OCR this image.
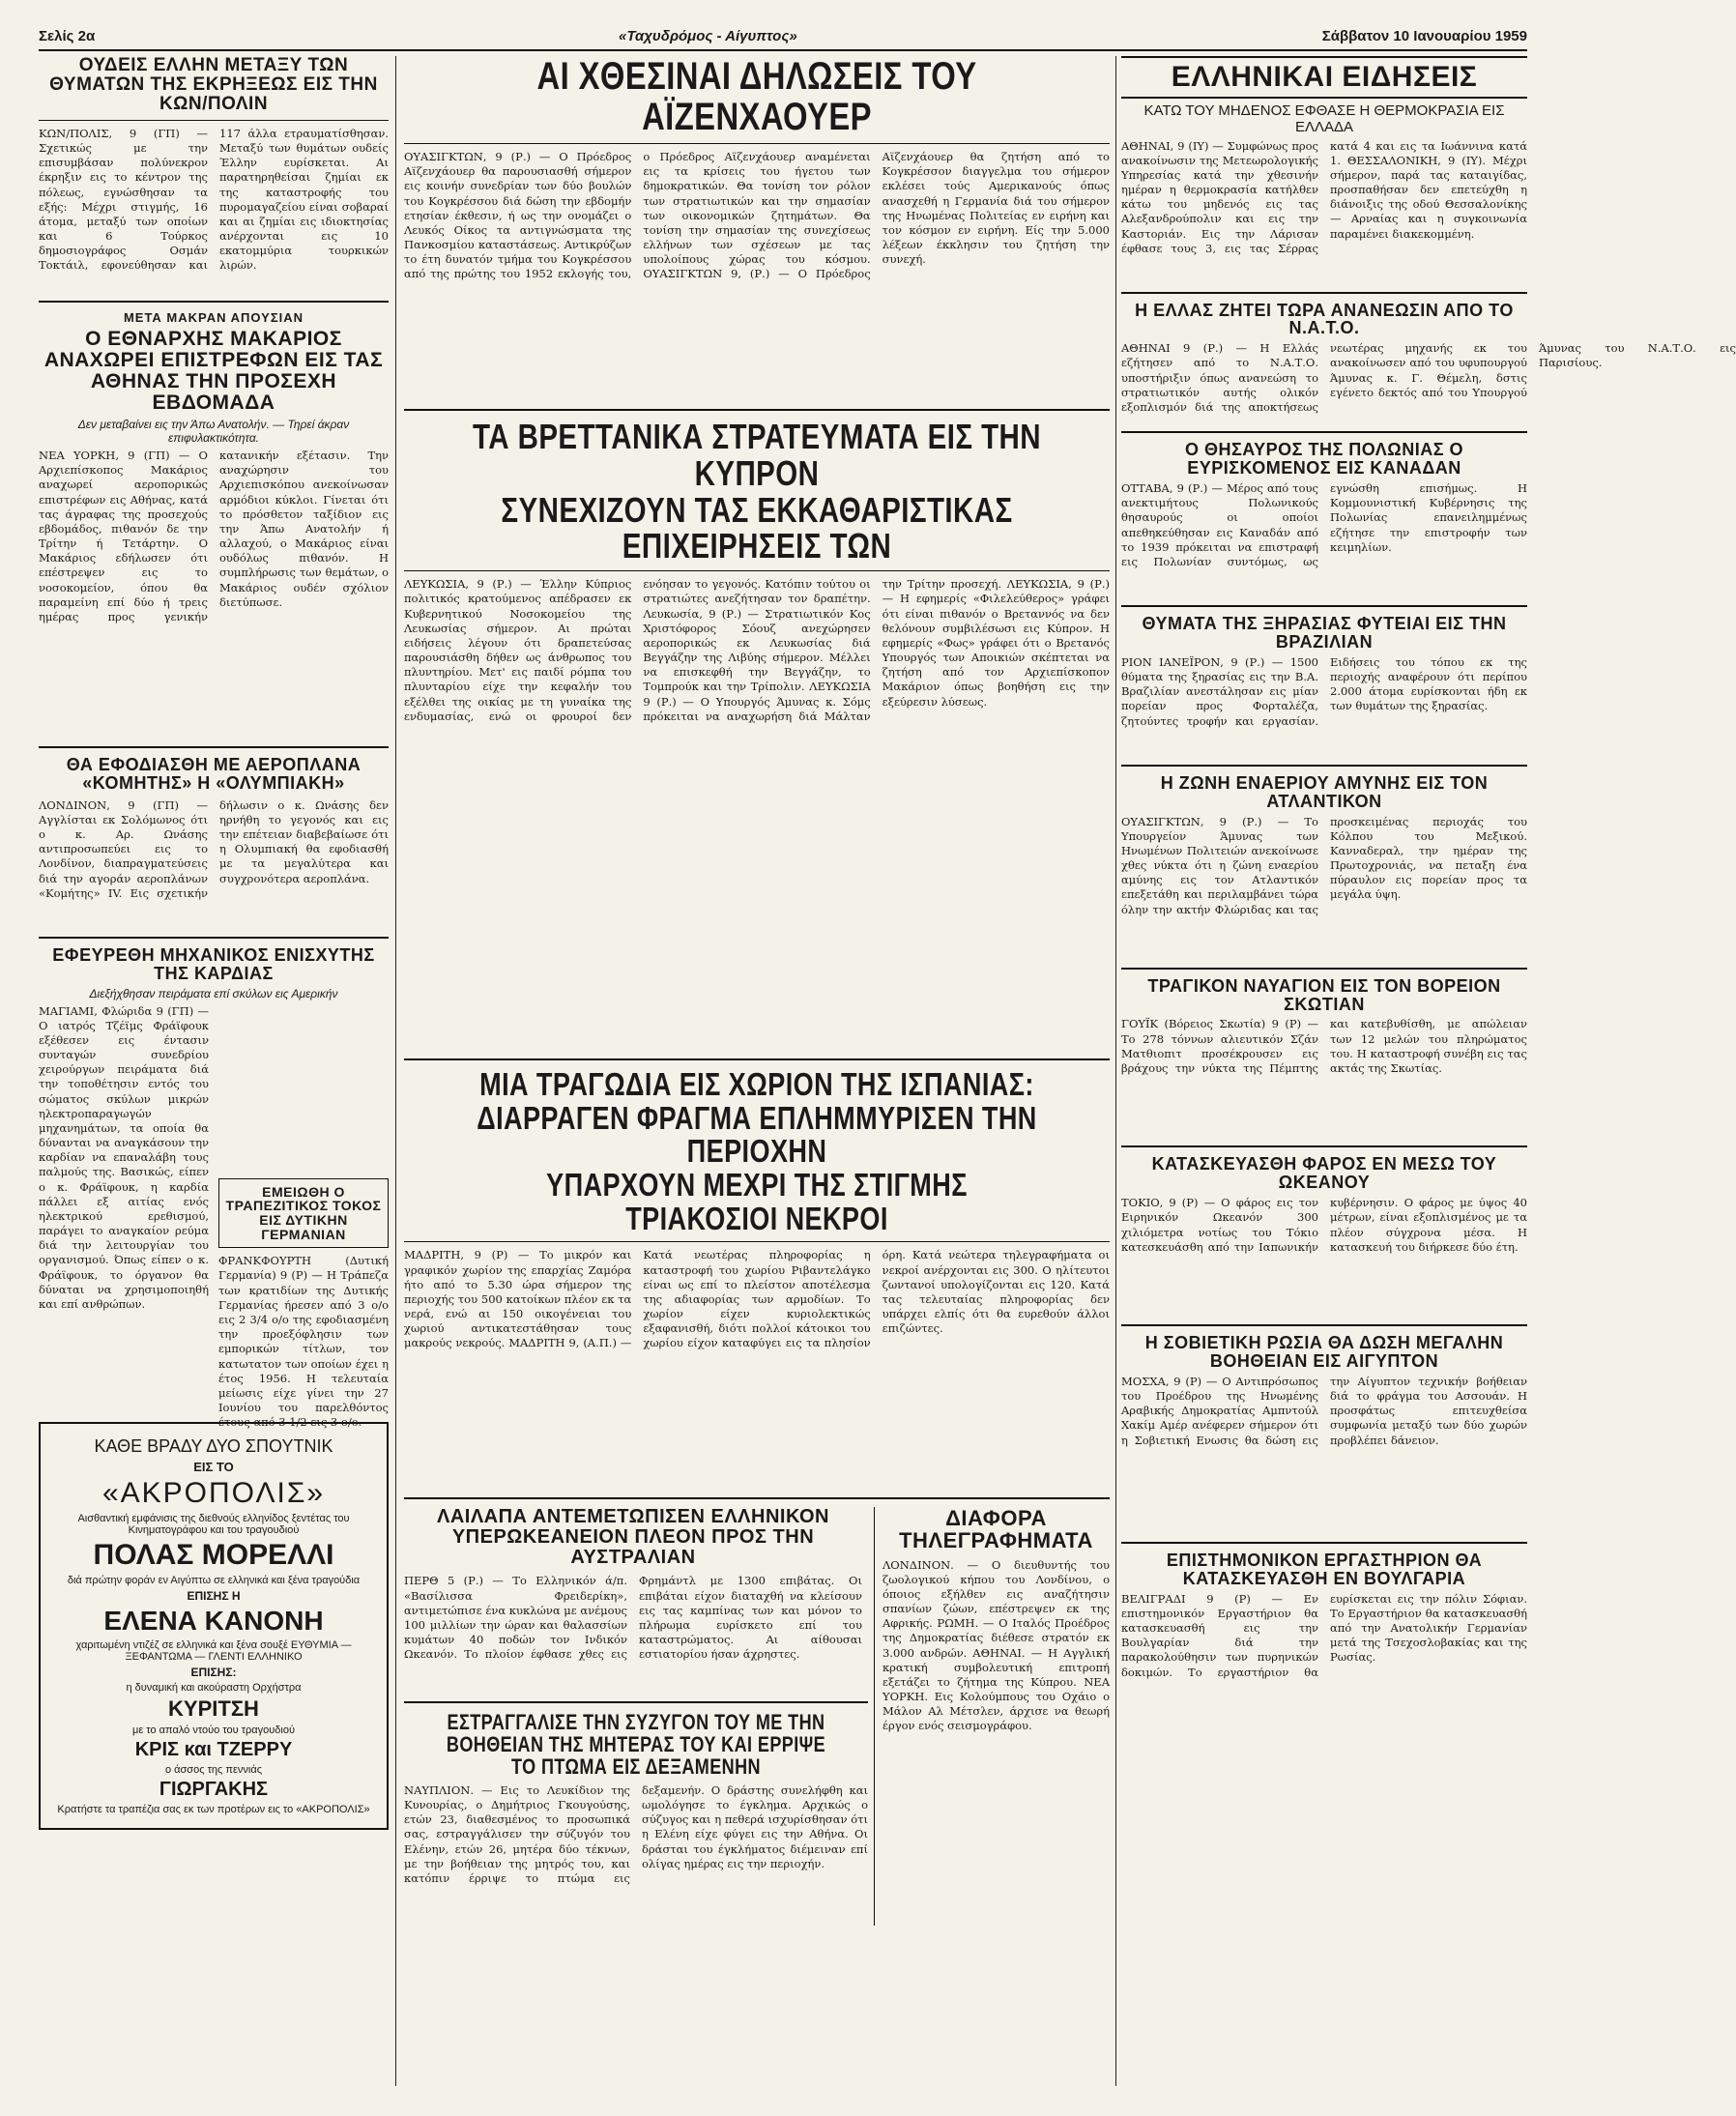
Σελίς 2α	«Ταχυδρόμος - Αίγυπτος»	Σάββατον 10 Ιανουαρίου 1959
ΟΥΔΕΙΣ ΕΛΛΗΝ ΜΕΤΑΞΥ ΤΩΝ ΘΥΜΑΤΩΝ ΤΗΣ ΕΚΡΗΞΕΩΣ ΕΙΣ ΤΗΝ ΚΩΝ/ΠΟΛΙΝ

ΚΩΝ/ΠΟΛΙΣ, 9 (ΓΠ) — Σχετικώς με την επισυμβάσαν πολύνεκρον έκρηξιν εις το κέντρον της πόλεως, εγνώσθησαν τα εξής: Μέχρι στιγμής, 16 άτομα, μεταξύ των οποίων και 6 Τούρκος δημοσιογράφος Οσμάν Τοκτάιλ, εφονεύθησαν και 117 άλλα ετραυματίσθησαν. Μεταξύ των θυμάτων ουδείς Έλλην ευρίσκεται. Αι παρατηρηθείσαι ζημίαι εκ της καταστροφής του πυρομαγαζείου είναι σοβαραί και αι ζημίαι εις ιδιοκτησίας ανέρχονται εις 10 εκατομμύρια τουρκικών λιρών.

ΜΕΤΑ ΜΑΚΡΑΝ ΑΠΟΥΣΙΑΝ

Ο ΕΘΝΑΡΧΗΣ ΜΑΚΑΡΙΟΣ ΑΝΑΧΩΡΕΙ ΕΠΙΣΤΡΕΦΩΝ ΕΙΣ ΤΑΣ ΑΘΗΝΑΣ ΤΗΝ ΠΡΟΣΕΧΗ ΕΒΔΟΜΑΔΑ

Δεν μεταβαίνει εις την Άπω Ανατολήν. — Τηρεί άκραν επιφυλακτικότητα.

ΝΕΑ ΥΟΡΚΗ, 9 (ΓΠ) — Ο Αρχιεπίσκοπος Μακάριος αναχωρεί αεροπορικώς επιστρέφων εις Αθήνας, κατά τας άγραφας της προσεχούς εβδομάδος, πιθανόν δε την Τρίτην ή Τετάρτην. Ο Μακάριος εδήλωσεν ότι επέστρεψεν εις το νοσοκομείον, όπου θα παραμείνη επί δύο ή τρεις ημέρας προς γενικήν κατανικήν εξέτασιν. Την αναχώρησιν του Αρχιεπισκόπου ανεκοίνωσαν αρμόδιοι κύκλοι. Γίνεται ότι το πρόσθετον ταξίδιον εις την Άπω Ανατολήν ή αλλαχού, ο Μακάριος είναι ουδόλως πιθανόν. Η συμπλήρωσις των θεμάτων, ο Μακάριος ουδέν σχόλιον διετύπωσε.

ΘΑ ΕΦΟΔΙΑΣΘΗ ΜΕ ΑΕΡΟΠΛΑΝΑ «ΚΟΜΗΤΗΣ» Η «ΟΛΥΜΠΙΑΚΗ»

ΛΟΝΔΙΝΟΝ, 9 (ΓΠ) — Αγγλίσται εκ Σολόμωνος ότι ο κ. Αρ. Ωνάσης αντιπροσωπεύει εις το Λονδίνον, διαπραγματεύσεις διά την αγοράν αεροπλάνων «Κομήτης» IV. Εις σχετικήν δήλωσιν ο κ. Ωνάσης δεν ηρνήθη το γεγονός και εις την επέτειαν διαβεβαίωσε ότι η Ολυμπιακή θα εφοδιασθή με τα μεγαλύτερα και συγχρονότερα αεροπλάνα.

ΕΦΕΥΡΕΘΗ ΜΗΧΑΝΙΚΟΣ ΕΝΙΣΧΥΤΗΣ ΤΗΣ ΚΑΡΔΙΑΣ

Διεξήχθησαν πειράματα επί σκύλων εις Αμερικήν

ΜΑΓΙΑΜΙ, Φλώριδα 9 (ΓΠ) — Ο ιατρός Τζέϊμς Φράϊφουκ εξέθεσεν εις έντασιν συνταγών συνεδρίου χειρούργων πειράματα διά την τοποθέτησιν εντός του σώματος σκύλων μικρών ηλεκτροπαραγωγών μηχανημάτων, τα οποία θα δύνανται να αναγκάσουν την καρδίαν να επαναλάβη τους παλμούς της. Βασικώς, είπεν ο κ. Φράϊφουκ, η καρδία πάλλει εξ αιτίας ενός ηλεκτρικού ερεθισμού, παράγει το αναγκαίον ρεύμα διά την λειτουργίαν του οργανισμού. Όπως είπεν ο κ. Φράϊφουκ, το όργανον θα δύναται να χρησιμοποιηθή και επί ανθρώπων.

ΕΜΕΙΩΘΗ Ο ΤΡΑΠΕΖΙΤΙΚΟΣ ΤΟΚΟΣ ΕΙΣ ΔΥΤΙΚΗΝ ΓΕΡΜΑΝΙΑΝ

ΦΡΑΝΚΦΟΥΡΤΗ (Δυτική Γερμανία) 9 (Ρ) — Η Τράπεζα των κρατιδίων της Δυτικής Γερμανίας ήρεσεν από 3 ο/ο εις 2 3/4 ο/ο της εφοδιασμένη την προεξόφλησιν των εμπορικών τίτλων, τον κατωτατον των οποίων έχει η έτος 1956. Η τελευταία μείωσις είχε γίνει την 27 Ιουνίου του παρελθόντος έτους από 3 1/2 εις 3 ο/ο.

ΚΑΘΕ ΒΡΑΔΥ ΔΥΟ ΣΠΟΥΤΝΙΚ

ΕΙΣ ΤΟ

«ΑΚΡΟΠΟΛΙΣ»

Αισθαντική εμφάνισις της διεθνούς ελληνίδος ξεντέτας του Κινηματογράφου και του τραγουδιού

ΠΟΛΑΣ ΜΟΡΕΛΛΙ

διά πρώτην φοράν εν Αιγύπτω σε ελληνικά και ξένα τραγούδια

ΕΠΙΣΗΣ Η

ΕΛΕΝΑ ΚΑΝΟΝΗ

χαριτωμένη ντιζέζ σε ελληνικά και ξένα σουξέ ΕΥΘΥΜΙΑ — ΞΕΦΑΝΤΩΜΑ — ΓΛΕΝΤΙ ΕΛΛΗΝΙΚΟ

ΕΠΙΣΗΣ:

η δυναμική και ακούραστη Ορχήστρα

ΚΥΡΙΤΣΗ

με το απαλό ντούο του τραγουδιού

ΚΡΙΣ και ΤΖΕΡΡΥ

ο άσσος της πεννιάς

ΓΙΩΡΓΑΚΗΣ

Κρατήστε τα τραπέζια σας εκ των προτέρων εις το «ΑΚΡΟΠΟΛΙΣ»

ΑΙ ΧΘΕΣΙΝΑΙ ΔΗΛΩΣΕΙΣ ΤΟΥ ΑΪΖΕΝΧΑΟΥΕΡ

ΟΥΑΣΙΓΚΤΩΝ, 9 (Ρ.) — Ο Πρόεδρος Αϊζενχάουερ θα παρουσιασθή σήμερον εις κοινήν συνεδρίαν των δύο βουλών του Κογκρέσσου διά δώση την εβδομήν ετησίαν έκθεσιν, ή ως την ονομάζει ο Λευκός Οίκος τα αντιγνώσματα της Πανκοσμίου καταστάσεως. Αντικρύζων το έτη δυνατόν τμήμα του Κογκρέσσου από της πρώτης του 1952 εκλογής του, ο Πρόεδρος Αϊζενχάουερ αναμένεται εις τα κρίσεις του ήγετου των δημοκρατικών. Θα τονίση τον ρόλον των στρατιωτικών και την σημασίαν των οικονομικών ζητημάτων. Θα τονίση την σημασίαν της συνεχίσεως ελλήνων των σχέσεων με τας υπολοίπους χώρας του κόσμου. ΟΥΑΣΙΓΚΤΩΝ 9, (Ρ.) — Ο Πρόεδρος Αϊζενχάουερ θα ζητήση από το Κογκρέσσον διαγγελμα του σήμερον εκλέσει τούς Αμερικανούς όπως ανασχεθή η Γερμανία διά του σήμερον της Ηνωμένας Πολιτείας εν ειρήνη και τον κόσμον εν ειρήνη. Είς την 5.000 λέξεων έκκλησιν του ζητήση την συνεχή.

ΤΑ ΒΡΕΤΤΑΝΙΚΑ ΣΤΡΑΤΕΥΜΑΤΑ ΕΙΣ ΤΗΝ ΚΥΠΡΟΝ
ΣΥΝΕΧΙΖΟΥΝ ΤΑΣ ΕΚΚΑΘΑΡΙΣΤΙΚΑΣ ΕΠΙΧΕΙΡΗΣΕΙΣ ΤΩΝ

ΛΕΥΚΩΣΙΑ, 9 (Ρ.) — Έλλην Κύπριος πολιτικός κρατούμενος απέδρασεν εκ Κυβερνητικού Νοσοκομείου της Λευκωσίας σήμερον. Αι πρώται ειδήσεις λέγουν ότι δραπετεύσας παρουσιάσθη δήθεν ως άνθρωπος του πλυντηρίου. Μετ' εις παιδί ρόμπα του πλυνταρίου είχε την κεφαλήν του εξέλθει της οικίας με τη γυναίκα της ενδυμασίας, ενώ οι φρουροί δεν ενόησαν το γεγονός. Κατόπιν τούτου οι στρατιώτες ανεζήτησαν τον δραπέτην. Λευκωσία, 9 (Ρ.) — Στρατιωτικόν Κος Χριστόφορος Σόουζ ανεχώρησεν αεροπορικώς εκ Λευκωσίας διά Βεγγάζην της Λιβύης σήμερον. Μέλλει να επισκεφθή την Βεγγάζην, το Τομπρούκ και την Τρίπολιν. ΛΕΥΚΩΣΙΑ 9 (Ρ.) — Ο Υπουργός Άμυνας κ. Σόμς πρόκειται να αναχωρήση διά Μάλταν την Τρίτην προσεχή. ΛΕΥΚΩΣΙΑ, 9 (Ρ.) — Η εφημερίς «Φιλελεύθερος» γράφει ότι είναι πιθανόν ο Βρεταννός να δεν θελόνουν συμβιλέσωσι εις Κύπρον. Η εφημερίς «Φως» γράφει ότι ο Βρετανός Υπουργός των Αποικιών σκέπτεται να ζητήση από τον Αρχιεπίσκοπον Μακάριον όπως βοηθήση εις την εξεύρεσιν λύσεως.

ΜΙΑ ΤΡΑΓΩΔΙΑ ΕΙΣ ΧΩΡΙΟΝ ΤΗΣ ΙΣΠΑΝΙΑΣ:
ΔΙΑΡΡΑΓΕΝ ΦΡΑΓΜΑ ΕΠΛΗΜΜΥΡΙΣΕΝ ΤΗΝ ΠΕΡΙΟΧΗΝ
ΥΠΑΡΧΟΥΝ ΜΕΧΡΙ ΤΗΣ ΣΤΙΓΜΗΣ ΤΡΙΑΚΟΣΙΟΙ ΝΕΚΡΟΙ

ΜΑΔΡΙΤΗ, 9 (Ρ) — Το μικρόν και γραφικόν χωρίον της επαρχίας Ζαμόρα ήτο από το 5.30 ώρα σήμερον της περιοχής του 500 κατοίκων πλέον εκ τα νερά, ενώ αι 150 οικογένειαι του χωριού αντικατεστάθησαν τους μακρούς νεκρούς. ΜΑΔΡΙΤΗ 9, (Α.Π.) — Κατά νεωτέρας πληροφορίας η καταστροφή του χωρίου Ριβαντελάγκο είναι ως επί το πλείστον αποτέλεσμα της αδιαφορίας των αρμοδίων. Το χωρίον είχεν κυριολεκτικώς εξαφανισθή, διότι πολλοί κάτοικοι του χωρίου είχον καταφύγει εις τα πλησίον όρη. Κατά νεώτερα τηλεγραφήματα οι νεκροί ανέρχονται εις 300. Ο ηλίτευτοι ζωντανοί υπολογίζονται εις 120. Κατά τας τελευταίας πληροφορίας δεν υπάρχει ελπίς ότι θα ευρεθούν άλλοι επιζώντες.

ΛΑΙΛΑΠΑ ΑΝΤΕΜΕΤΩΠΙΣΕΝ ΕΛΛΗΝΙΚΟΝ ΥΠΕΡΩΚΕΑΝΕΙΟΝ ΠΛΕΟΝ ΠΡΟΣ ΤΗΝ ΑΥΣΤΡΑΛΙΑΝ

ΠΕΡΘ 5 (Ρ.) — Το Ελληνικόν ά/π. «Βασίλισσα Φρειδερίκη», αντιμετώπισε ένα κυκλώνα με ανέμους 100 μιλλίων την ώραν και θαλασσίων κυμάτων 40 ποδών τον Ινδικόν Ωκεανόν. Το πλοίον έφθασε χθες εις Φρημάντλ με 1300 επιβάτας. Οι επιβάται είχον διαταχθή να κλείσουν εις τας καμπίνας των και μόνον το πλήρωμα ευρίσκετο επί του καταστρώματος. Αι αίθουσαι εστιατορίου ήσαν άχρηστες.

ΔΙΑΦΟΡΑ ΤΗΛΕΓΡΑΦΗΜΑΤΑ

ΛΟΝΔΙΝΟΝ. — Ο διευθυντής του ζωολογικού κήπου του Λονδίνου, ο όποιος εξήλθεν εις αναζήτησιν σπανίων ζώων, επέστρεψεν εκ της Αφρικής. ΡΩΜΗ. — Ο Ιταλός Προέδρος της Δημοκρατίας διέθεσε στρατόν εκ 3.000 ανδρών. ΑΘΗΝΑΙ. — Η Αγγλική κρατική συμβολευτική επιτροπή εξετάζει το ζήτημα της Κύπρου. ΝΕΑ ΥΟΡΚΗ. Εις Κολούμπους του Οχάιο ο Μάλον Αλ Μέτσλεν, άρχισε να θεωρή έργον ενός σεισμογράφου.

ΕΣΤΡΑΓΓΑΛΙΣΕ ΤΗΝ ΣΥΖΥΓΟΝ ΤΟΥ ΜΕ ΤΗΝ ΒΟΗΘΕΙΑΝ ΤΗΣ ΜΗΤΕΡΑΣ ΤΟΥ ΚΑΙ ΕΡΡΙΨΕ ΤΟ ΠΤΩΜΑ ΕΙΣ ΔΕΞΑΜΕΝΗΝ

ΝΑΥΠΛΙΟΝ. — Εις το Λευκίδιον της Κυνουρίας, ο Δημήτριος Γκουγούσης, ετών 23, διαθεσμένος το προσωπικά σας, εστραγγάλισεν την σύζυγόν του Ελένην, ετών 26, μητέρα δύο τέκνων, με την βοήθειαν της μητρός του, και κατόπιν έρριψε το πτώμα εις δεξαμενήν. Ο δράστης συνελήφθη και ωμολόγησε το έγκλημα. Αρχικώς ο σύζυγος και η πεθερά ισχυρίσθησαν ότι η Ελένη είχε φύγει εις την Αθήνα. Οι δράσται του έγκλήματος διέμειναν επί ολίγας ημέρας εις την περιοχήν.

ΕΛΛΗΝΙΚΑΙ ΕΙΔΗΣΕΙΣ

ΚΑΤΩ ΤΟΥ ΜΗΔΕΝΟΣ ΕΦΘΑΣΕ Η ΘΕΡΜΟΚΡΑΣΙΑ ΕΙΣ ΕΛΛΑΔΑ

ΑΘΗΝΑΙ, 9 (ΙΥ) — Συμφώνως προς ανακοίνωσιν της Μετεωρολογικής Υπηρεσίας κατά την χθεσινήν ημέραν η θερμοκρασία κατήλθεν κάτω του μηδενός εις τας Αλεξανδρούπολιν και εις την Καστοριάν. Εις την Λάρισαν έφθασε τους 3, εις τας Σέρρας κατά 4 και εις τα Ιωάννινα κατά 1. ΘΕΣΣΑΛΟΝΙΚΗ, 9 (ΙΥ). Μέχρι σήμερον, παρά τας καταιγίδας, προσπαθήσαν δεν επετεύχθη η διάνοιξις της οδού Θεσσαλονίκης — Αρναίας και η συγκοινωνία παραμένει διακεκομμένη.

Η ΕΛΛΑΣ ΖΗΤΕΙ ΤΩΡΑ ΑΝΑΝΕΩΣΙΝ ΑΠΟ ΤΟ Ν.Α.Τ.Ο.

ΑΘΗΝΑΙ 9 (Ρ.) — Η Ελλάς εζήτησεν από το Ν.Α.Τ.Ο. υποστήριξιν όπως ανανεώση το στρατιωτικόν αυτής ολικόν εξοπλισμόν διά της αποκτήσεως νεωτέρας μηχανής εκ του ανακοίνωσεν από του υφυπουργού Άμυνας κ. Γ. Θέμελη, δστις εγένετο δεκτός από του Υπουργού Άμυνας του Ν.Α.Τ.Ο. εις Παρισίους.

Ο ΘΗΣΑΥΡΟΣ ΤΗΣ ΠΟΛΩΝΙΑΣ Ο ΕΥΡΙΣΚΟΜΕΝΟΣ ΕΙΣ ΚΑΝΑΔΑΝ

ΟΤΤΑΒΑ, 9 (Ρ.) — Μέρος από τους ανεκτιμήτους Πολωνικούς θησαυρούς οι οποίοι απεθηκεύθησαν εις Καναδάν από το 1939 πρόκειται να επιστραφή εις Πολωνίαν συντόμως, ως εγνώσθη επισήμως. Η Κομμουνιστική Κυβέρνησις της Πολωνίας επανειλημμένως εζήτησε την επιστροφήν των κειμηλίων.

ΘΥΜΑΤΑ ΤΗΣ ΞΗΡΑΣΙΑΣ ΦΥΤΕΙΑΙ ΕΙΣ ΤΗΝ ΒΡΑΖΙΛΙΑΝ

ΡΙΟΝ ΙΑΝΕΪΡΟΝ, 9 (Ρ.) — 1500 θύματα της ξηρασίας εις την Β.Α. Βραζιλίαν ανεστάλησαν εις μίαν πορείαν προς Φορταλέζα, ζητούντες τροφήν και εργασίαν. Ειδήσεις του τόπου εκ της περιοχής αναφέρουν ότι περίπου 2.000 άτομα ευρίσκονται ήδη εκ των θυμάτων της ξηρασίας.

Η ΖΩΝΗ ΕΝΑΕΡΙΟΥ ΑΜΥΝΗΣ ΕΙΣ ΤΟΝ ΑΤΛΑΝΤΙΚΟΝ

ΟΥΑΣΙΓΚΤΩΝ, 9 (Ρ.) — Το Υπουργείον Άμυνας των Ηνωμένων Πολιτειών ανεκοίνωσε χθες νύκτα ότι η ζώνη εναερίου αμύνης εις τον Ατλαντικόν επεξετάθη και περιλαμβάνει τώρα όλην την ακτήν Φλώριδας και τας προσκειμένας περιοχάς του Κόλπου του Μεξικού. Κανναδεραλ, την ημέραν της Πρωτοχρονιάς, να πεταξη ένα πύραυλον εις πορείαν προς τα μεγάλα ύψη.

ΤΡΑΓΙΚΟΝ ΝΑΥΑΓΙΟΝ ΕΙΣ ΤΟΝ ΒΟΡΕΙΟΝ ΣΚΩΤΙΑΝ

ΓΟΥΪΚ (Βόρειος Σκωτία) 9 (Ρ) — Το 278 τόννων αλιευτικόν Σζάν Ματθιοπιτ προσέκρουσεν εις βράχους την νύκτα της Πέμπτης και κατεβυθίσθη, με απώλειαν των 12 μελών του πληρώματος του. Η καταστροφή συνέβη εις τας ακτάς της Σκωτίας.

ΚΑΤΑΣΚΕΥΑΣΘΗ ΦΑΡΟΣ ΕΝ ΜΕΣΩ ΤΟΥ ΩΚΕΑΝΟΥ

ΤΟΚΙΟ, 9 (Ρ) — Ο φάρος εις τον Ειρηνικόν Ωκεανόν 300 χιλιόμετρα νοτίως του Τόκιο κατεσκευάσθη από την Ιαπωνικήν κυβέρνησιν. Ο φάρος με ύψος 40 μέτρων, είναι εξοπλισμένος με τα πλέον σύγχρονα μέσα. Η κατασκευή του διήρκεσε δύο έτη.

Η ΣΟΒΙΕΤΙΚΗ ΡΩΣΙΑ ΘΑ ΔΩΣΗ ΜΕΓΑΛΗΝ ΒΟΗΘΕΙΑΝ ΕΙΣ ΑΙΓΥΠΤΟΝ

ΜΟΣΧΑ, 9 (Ρ) — Ο Αντιπρόσωπος του Προέδρου της Ηνωμένης Αραβικής Δημοκρατίας Αμπντούλ Χακίμ Αμέρ ανέφερεν σήμερον ότι η Σοβιετική Ενωσις θα δώση εις την Αίγυπτον τεχνικήν βοήθειαν διά το φράγμα του Ασσουάν. Η προσφάτως επιτευχθείσα συμφωνία μεταξύ των δύο χωρών προβλέπει δάνειον.

ΕΠΙΣΤΗΜΟΝΙΚΟΝ ΕΡΓΑΣΤΗΡΙΟΝ ΘΑ ΚΑΤΑΣΚΕΥΑΣΘΗ ΕΝ ΒΟΥΛΓΑΡΙΑ

ΒΕΛΙΓΡΑΔΙ 9 (Ρ) — Εν επιστημονικόν Εργαστήριον θα κατασκευασθή εις την Βουλγαρίαν διά την παρακολούθησιν των πυρηνικών δοκιμών. Το εργαστήριον θα ευρίσκεται εις την πόλιν Σόφιαν. Το Εργαστήριον θα κατασκευασθή από την Ανατολικήν Γερμανίαν μετά της Τσεχοσλοβακίας και της Ρωσίας.
